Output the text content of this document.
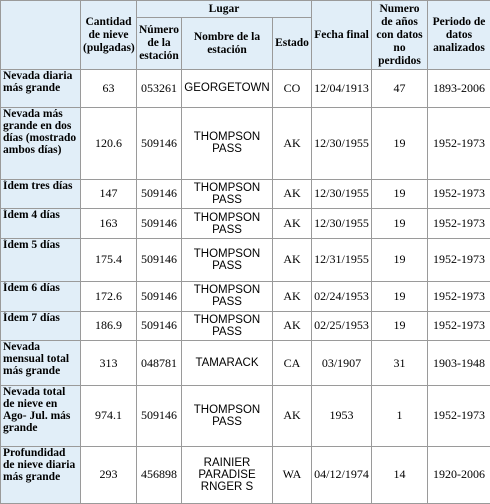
	Cantidad de nieve (pulgadas)	Lugar			Fecha final	Numero de años con datos no perdidos	Periodo de datos analizados
		Número de la estación	Nombre de la estación	Estado			
Nevada diaria más grande	63	053261	GEORGETOWN	CO	12/04/1913	47	1893-2006
Nevada más grande en dos días (mostrado ambos días)	120.6	509146	THOMPSON PASS	AK	12/30/1955	19	1952-1973
Ídem tres días	147	509146	THOMPSON PASS	AK	12/30/1955	19	1952-1973
Ídem 4 días	163	509146	THOMPSON PASS	AK	12/30/1955	19	1952-1973
Ídem 5 días	175.4	509146	THOMPSON PASS	AK	12/31/1955	19	1952-1973
Ídem 6 días	172.6	509146	THOMPSON PASS	AK	02/24/1953	19	1952-1973
Ídem 7 días	186.9	509146	THOMPSON PASS	AK	02/25/1953	19	1952-1973
Nevada mensual total más grande	313	048781	TAMARACK	CA	03/1907	31	1903-1948
Nevada total de nieve en Ago- Jul. más grande	974.1	509146	THOMPSON PASS	AK	1953	1	1952-1973
Profundidad de nieve diaria más grande	293	456898	RAINIER PARADISE RNGER S	WA	04/12/1974	14	1920-2006
